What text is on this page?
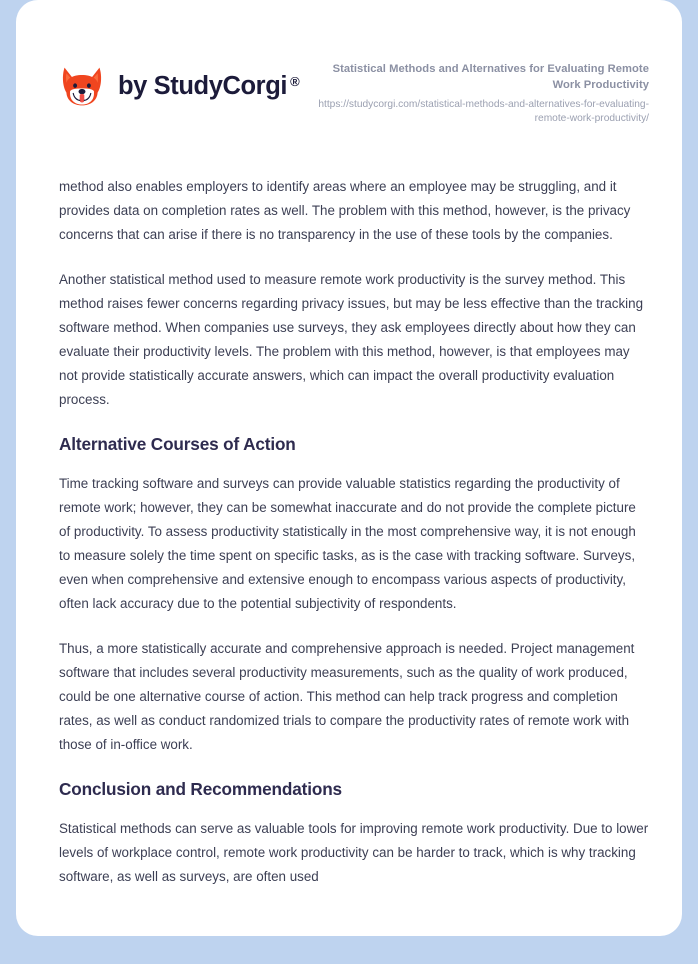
by StudyCorgi ®
Statistical Methods and Alternatives for Evaluating Remote Work Productivity
https://studycorgi.com/statistical-methods-and-alternatives-for-evaluating-remote-work-productivity/

method also enables employers to identify areas where an employee may be struggling, and it provides data on completion rates as well. The problem with this method, however, is the privacy concerns that can arise if there is no transparency in the use of these tools by the companies.

Another statistical method used to measure remote work productivity is the survey method. This method raises fewer concerns regarding privacy issues, but may be less effective than the tracking software method. When companies use surveys, they ask employees directly about how they can evaluate their productivity levels. The problem with this method, however, is that employees may not provide statistically accurate answers, which can impact the overall productivity evaluation process.

Alternative Courses of Action

Time tracking software and surveys can provide valuable statistics regarding the productivity of remote work; however, they can be somewhat inaccurate and do not provide the complete picture of productivity. To assess productivity statistically in the most comprehensive way, it is not enough to measure solely the time spent on specific tasks, as is the case with tracking software. Surveys, even when comprehensive and extensive enough to encompass various aspects of productivity, often lack accuracy due to the potential subjectivity of respondents.

Thus, a more statistically accurate and comprehensive approach is needed. Project management software that includes several productivity measurements, such as the quality of work produced, could be one alternative course of action. This method can help track progress and completion rates, as well as conduct randomized trials to compare the productivity rates of remote work with those of in-office work.

Conclusion and Recommendations

Statistical methods can serve as valuable tools for improving remote work productivity. Due to lower levels of workplace control, remote work productivity can be harder to track, which is why tracking software, as well as surveys, are often used
